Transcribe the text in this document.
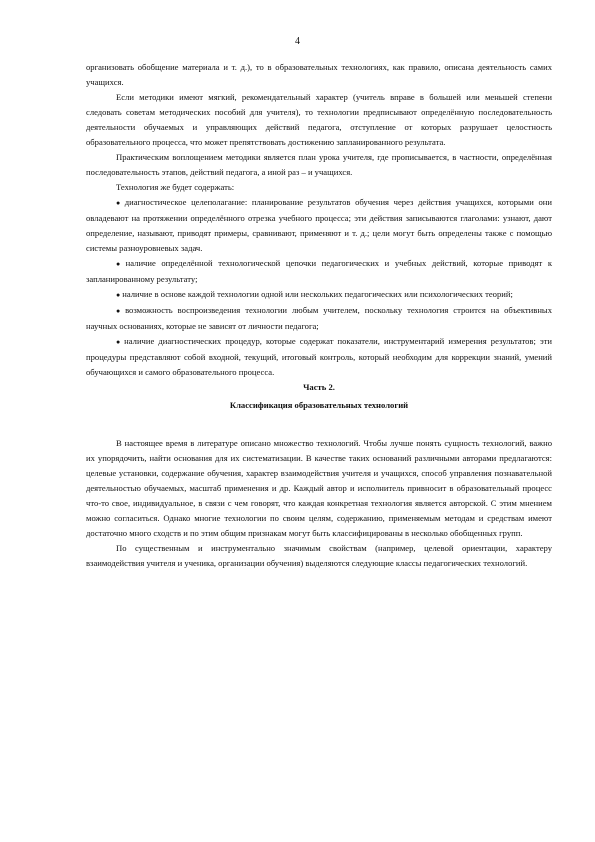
4

организовать обобщение материала и т. д.), то в образовательных технологиях, как правило, описана деятельность самих учащихся.

Если методики имеют мягкий, рекомендательный характер (учитель вправе в большей или меньшей степени следовать советам методических пособий для учителя), то технологии предписывают определённую последовательность деятельности обучаемых и управляющих действий педагога, отступление от которых разрушает целостность образовательного процесса, что может препятствовать достижению запланированного результата.

Практическим воплощением методики является план урока учителя, где прописывается, в частности, определённая последовательность этапов, действий педагога, а иной раз – и учащихся.

Технология же будет содержать:

● диагностическое целеполагание: планирование результатов обучения через действия учащихся, которыми они овладевают на протяжении определённого отрезка учебного процесса; эти действия записываются глаголами: узнают, дают определение, называют, приводят примеры, сравнивают, применяют и т. д.; цели могут быть определены также с помощью системы разноуровневых задач.

● наличие определённой технологической цепочки педагогических и учебных действий, которые приводят к запланированному результату;

● наличие в основе каждой технологии одной или нескольких педагогических или психологических теорий;

● возможность воспроизведения технологии любым учителем, поскольку технология строится на объективных научных основаниях, которые не зависят от личности педагога;

● наличие диагностических процедур, которые содержат показатели, инструментарий измерения результатов; эти процедуры представляют собой входной, текущий, итоговый контроль, который необходим для коррекции знаний, умений обучающихся и самого образовательного процесса.

Часть 2.

Классификация образовательных технологий

В настоящее время в литературе описано множество технологий. Чтобы лучше понять сущность технологий, важно их упорядочить, найти основания для их систематизации. В качестве таких оснований различными авторами предлагаются: целевые установки, содержание обучения, характер взаимодействия учителя и учащихся, способ управления познавательной деятельностью обучаемых, масштаб применения и др. Каждый автор и исполнитель привносит в образовательный процесс что-то свое, индивидуальное, в связи с чем говорят, что каждая конкретная технология является авторской. С этим мнением можно согласиться. Однако многие технологии по своим целям, содержанию, применяемым методам и средствам имеют достаточно много сходств и по этим общим признакам могут быть классифицированы в несколько обобщенных групп.

По существенным и инструментально значимым свойствам (например, целевой ориентации, характеру взаимодействия учителя и ученика, организации обучения) выделяются следующие классы педагогических технологий.
